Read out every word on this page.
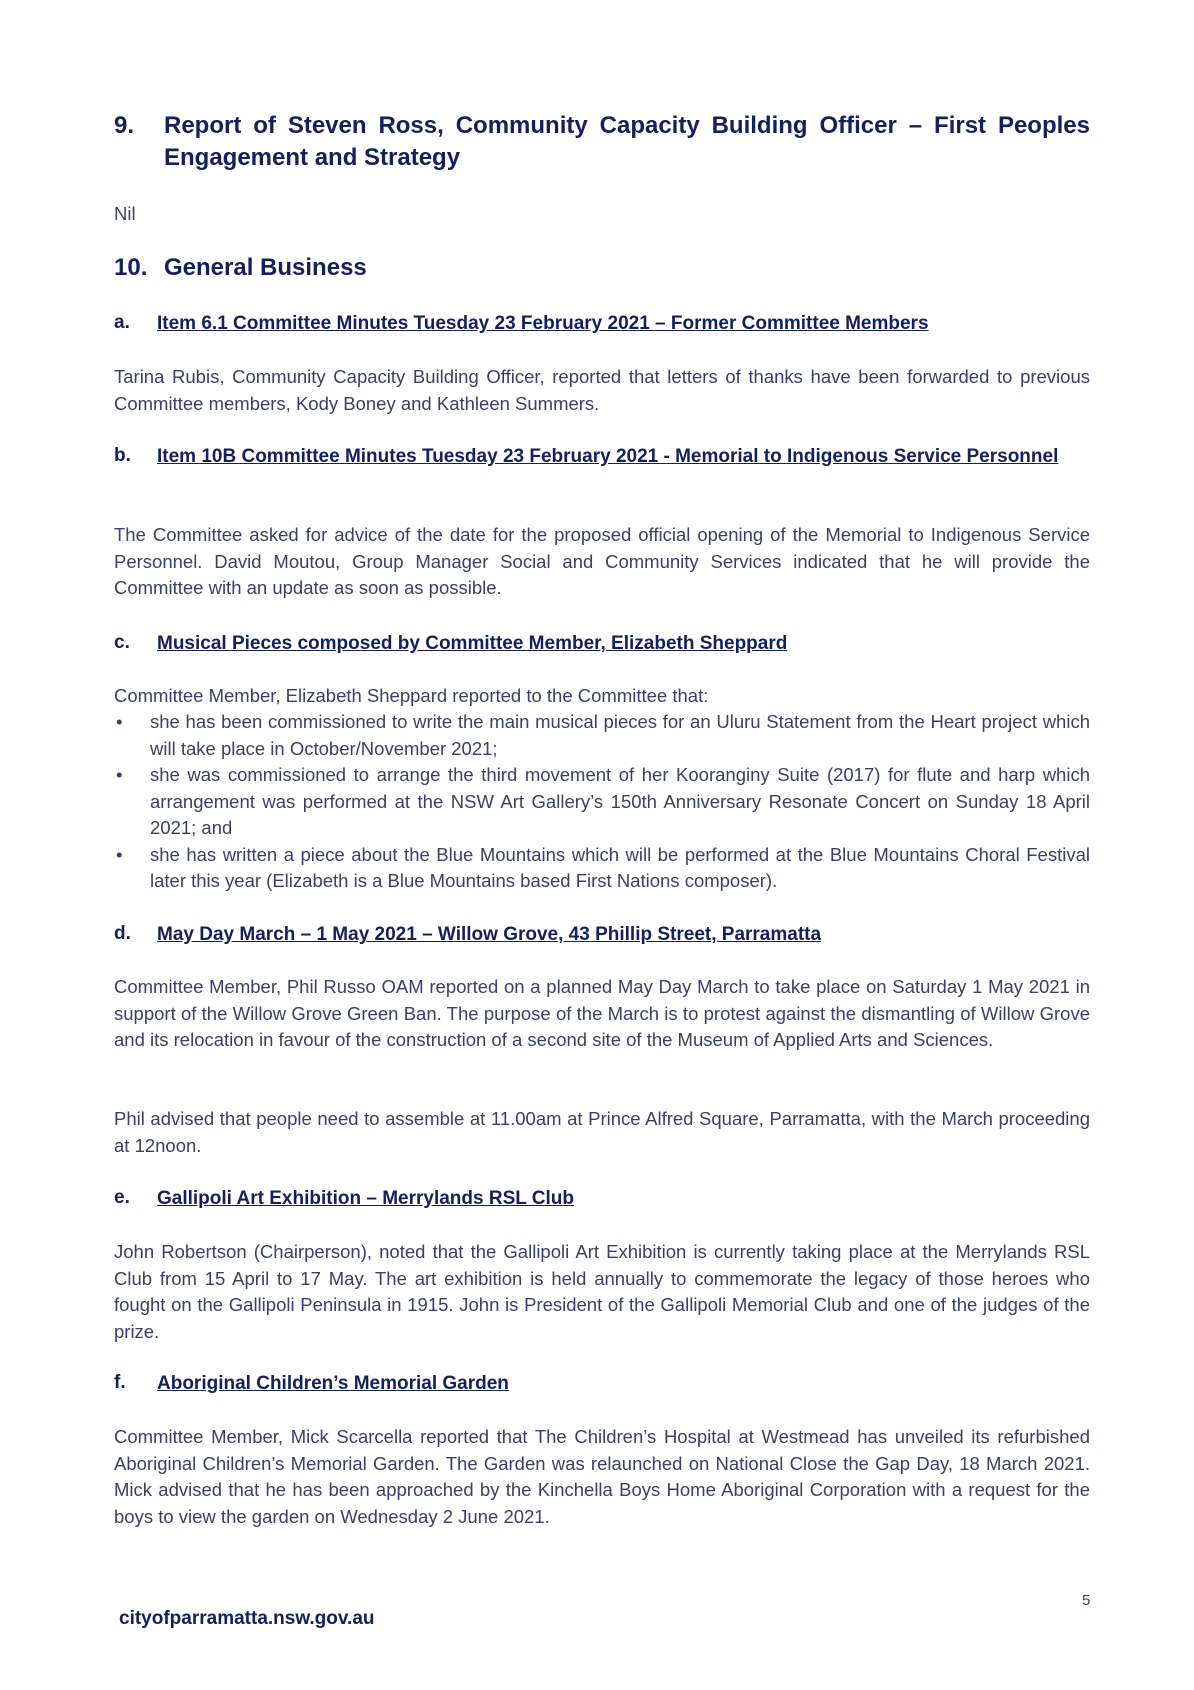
9. Report of Steven Ross, Community Capacity Building Officer – First Peoples Engagement and Strategy
Nil
10. General Business
a. Item 6.1 Committee Minutes Tuesday 23 February 2021 – Former Committee Members
Tarina Rubis, Community Capacity Building Officer, reported that letters of thanks have been forwarded to previous Committee members, Kody Boney and Kathleen Summers.
b. Item 10B Committee Minutes Tuesday 23 February 2021 - Memorial to Indigenous Service Personnel
The Committee asked for advice of the date for the proposed official opening of the Memorial to Indigenous Service Personnel. David Moutou, Group Manager Social and Community Services indicated that he will provide the Committee with an update as soon as possible.
c. Musical Pieces composed by Committee Member, Elizabeth Sheppard
Committee Member, Elizabeth Sheppard reported to the Committee that:
• she has been commissioned to write the main musical pieces for an Uluru Statement from the Heart project which will take place in October/November 2021;
• she was commissioned to arrange the third movement of her Kooranginy Suite (2017) for flute and harp which arrangement was performed at the NSW Art Gallery’s 150th Anniversary Resonate Concert on Sunday 18 April 2021; and
• she has written a piece about the Blue Mountains which will be performed at the Blue Mountains Choral Festival later this year (Elizabeth is a Blue Mountains based First Nations composer).
d. May Day March – 1 May 2021 – Willow Grove, 43 Phillip Street, Parramatta
Committee Member, Phil Russo OAM reported on a planned May Day March to take place on Saturday 1 May 2021 in support of the Willow Grove Green Ban. The purpose of the March is to protest against the dismantling of Willow Grove and its relocation in favour of the construction of a second site of the Museum of Applied Arts and Sciences.
Phil advised that people need to assemble at 11.00am at Prince Alfred Square, Parramatta, with the March proceeding at 12noon.
e. Gallipoli Art Exhibition – Merrylands RSL Club
John Robertson (Chairperson), noted that the Gallipoli Art Exhibition is currently taking place at the Merrylands RSL Club from 15 April to 17 May. The art exhibition is held annually to commemorate the legacy of those heroes who fought on the Gallipoli Peninsula in 1915. John is President of the Gallipoli Memorial Club and one of the judges of the prize.
f. Aboriginal Children’s Memorial Garden
Committee Member, Mick Scarcella reported that The Children’s Hospital at Westmead has unveiled its refurbished Aboriginal Children’s Memorial Garden. The Garden was relaunched on National Close the Gap Day, 18 March 2021. Mick advised that he has been approached by the Kinchella Boys Home Aboriginal Corporation with a request for the boys to view the garden on Wednesday 2 June 2021.
cityofparramatta.nsw.gov.au
5
